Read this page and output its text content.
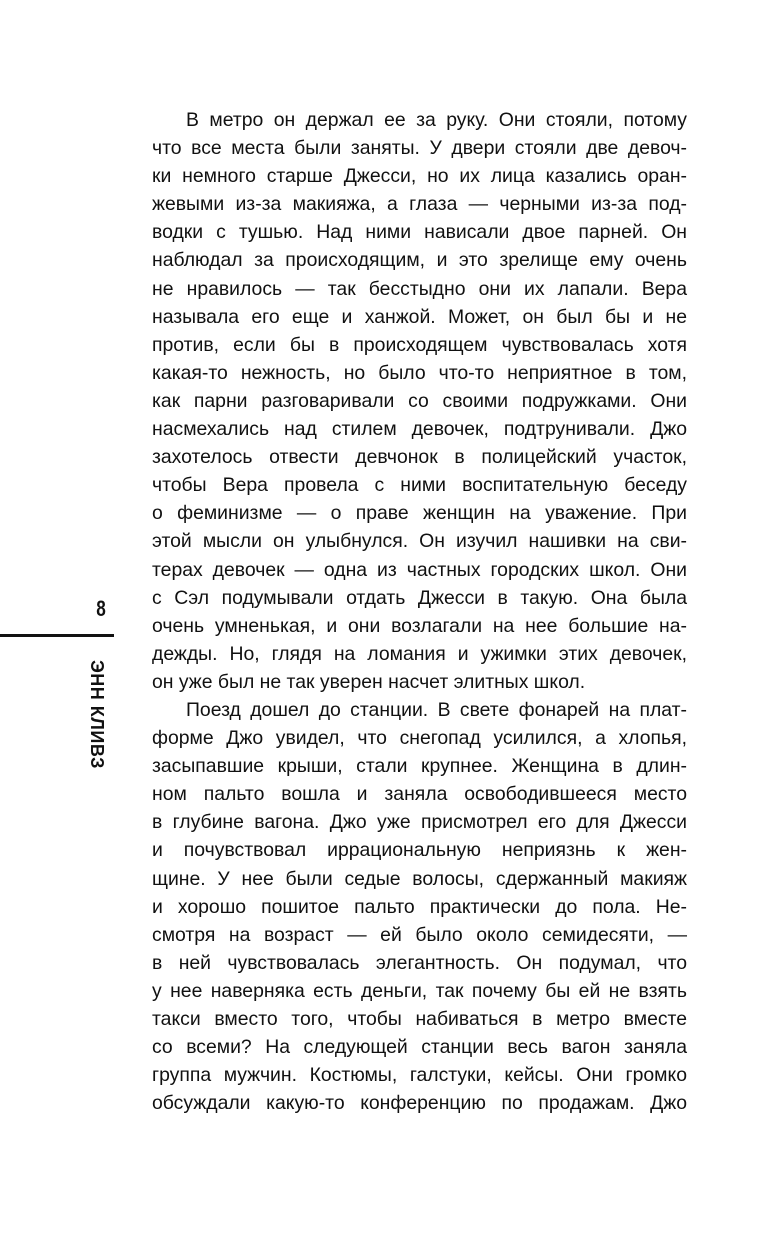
8
ЭНН КЛИВЗ
В метро он держал ее за руку. Они стояли, потому
что все места были заняты. У двери стояли две девоч-
ки немного старше Джесси, но их лица казались оран-
жевыми из-за макияжа, а глаза — черными из-за под-
водки с тушью. Над ними нависали двое парней. Он
наблюдал за происходящим, и это зрелище ему очень
не нравилось — так бесстыдно они их лапали. Вера
называла его еще и ханжой. Может, он был бы и не
против, если бы в происходящем чувствовалась хотя
какая-то нежность, но было что-то неприятное в том,
как парни разговаривали со своими подружками. Они
насмехались над стилем девочек, подтрунивали. Джо
захотелось отвести девчонок в полицейский участок,
чтобы Вера провела с ними воспитательную беседу
о феминизме — о праве женщин на уважение. При
этой мысли он улыбнулся. Он изучил нашивки на сви-
терах девочек — одна из частных городских школ. Они
с Сэл подумывали отдать Джесси в такую. Она была
очень умненькая, и они возлагали на нее большие на-
дежды. Но, глядя на ломания и ужимки этих девочек,
он уже был не так уверен насчет элитных школ.
Поезд дошел до станции. В свете фонарей на плат-
форме Джо увидел, что снегопад усилился, а хлопья,
засыпавшие крыши, стали крупнее. Женщина в длин-
ном пальто вошла и заняла освободившееся место
в глубине вагона. Джо уже присмотрел его для Джесси
и почувствовал иррациональную неприязнь к жен-
щине. У нее были седые волосы, сдержанный макияж
и хорошо пошитое пальто практически до пола. Не-
смотря на возраст — ей было около семидесяти, —
в ней чувствовалась элегантность. Он подумал, что
у нее наверняка есть деньги, так почему бы ей не взять
такси вместо того, чтобы набиваться в метро вместе
со всеми? На следующей станции весь вагон заняла
группа мужчин. Костюмы, галстуки, кейсы. Они громко
обсуждали какую-то конференцию по продажам. Джо
